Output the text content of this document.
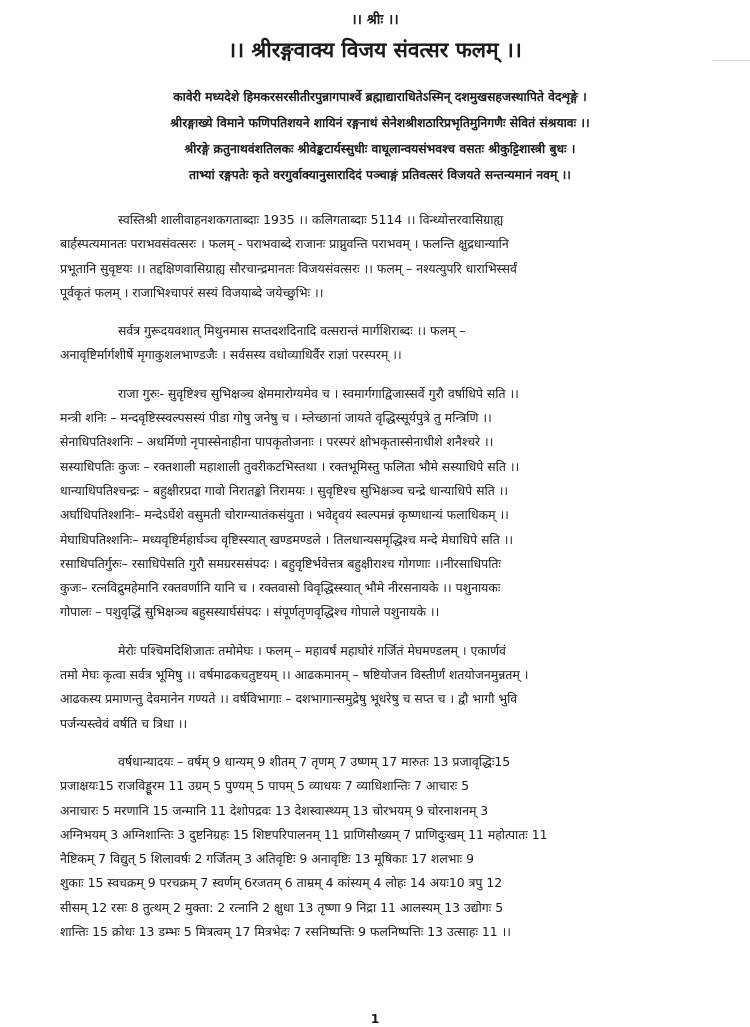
।। श्रीः ।।
।। श्रीरङ्गवाक्य विजय संवत्सर फलम् ।।
कावेरी मध्यदेशे हिमकरसरसीतीरपुन्नागपार्श्वे ब्रह्माद्याराधितेऽस्मिन् दशमुखसहजस्थापिते वेदशृङ्गे ।
श्रीरङ्गाख्ये विमाने फणिपतिशयने शायिनं रङ्गनाथं सेनेशश्रीशठारिप्रभृतिमुनिगणैः सेवितं संश्रयावः ।।
श्रीरङ्गे क्रतुनाथवंशतिलकः श्रीवेङ्कटार्यस्सुधीः वाधूलान्वयसंभवश्च वसतः श्रीकुट्टिशास्त्री बुधः ।
ताभ्यां रङ्गपतेः कृते वरगुर्वाक्यानुसारादिदं पञ्चाङ्गं प्रतिवत्सरं विजयते सन्तन्यमानं नवम् ।।
स्वस्तिश्री शालीवाहनशकगताब्दाः 1935 ।। कलिगताब्दाः 5114 ।। विन्ध्योत्तरवासिग्राह्य
बार्हस्पत्यमानतः पराभवसंवत्सरः । फलम् - पराभवाब्दे राजानः प्राप्नुवन्ति पराभवम् । फलन्ति क्षुद्रधान्यानि
प्रभूतानि सुवृष्टयः ।। तद्दक्षिणवासिग्राह्य सौरचान्द्रमानतः विजयसंवत्सरः ।। फलम् – नश्यत्युपरि धाराभिस्सर्वं
पूर्वकृतं फलम् । राजाभिश्चापरं सस्यं विजयाब्दे जयेच्छुभिः ।।
सर्वत्र गुरूदयवशात् मिथुनमास सप्तदशदिनादि वत्सरान्तं मार्गशिराब्दः ।। फलम् –
अनावृष्टिर्मार्गशीर्षे मृगाकुशलभाण्डजैः । सर्वसस्य वधोव्याधिर्वैर राज्ञां परस्परम् ।।
राजा गुरुः- सुवृष्टिश्च सुभिक्षञ्च क्षेममारोग्यमेव च । स्वमार्गगाद्विजास्सर्वे गुरौ वर्षाधिपे सति ।।
मन्त्री शनिः – मन्दवृष्टिस्स्वल्पसस्यं पीडा गोषु जनेषु च । म्लेच्छानां जायते वृद्धिस्सूर्यपुत्रे तु मन्त्रिणि ।।
सेनाधिपतिश्शनिः – अधर्मिणो नृपास्सेनाहीना पापकृतोजनाः । परस्परं क्षोभकृतास्सेनाधीशे शनैश्चरे ।।
सस्याधिपतिः कुजः – रक्तशाली महाशाली तुवरीकटभिस्तथा । रक्तभूमिस्तु फलिता भौमे सस्याधिपे सति ।।
धान्याधिपतिश्चन्द्रः – बहुक्षीरप्रदा गावो निरातङ्को निरामयः । सुवृष्टिश्च सुभिक्षञ्च चन्द्रे धान्याधिपे सति ।।
अर्घाधिपतिश्शनिः– मन्देऽर्घेशे वसुमती चोराग्न्यातंकसंयुता । भवेद्द्वयं स्वल्पमन्नं कृष्णधान्यं फलाधिकम् ।।
मेघाधिपतिश्शनिः– मध्यवृष्टिर्महार्घञ्च वृष्टिस्स्यात् खण्डमण्डले । तिलधान्यसमृद्धिश्च मन्दे मेघाधिपे सति ।।
रसाधिपतिर्गुरुः– रसाधिपेसति गुरौ समग्ररससंपदः । बहुवृष्टिर्भवेत्तत्र बहुक्षीराश्च गोगणाः ।।नीरसाधिपतिः
कुजः– रत्नविद्रुमहेमानि रक्तवर्णानि यानि च । रक्तवासो विवृद्धिस्स्यात् भौमे नीरसनायके ।। पशुनायकः
गोपालः – पशुवृद्धिं सुभिक्षञ्च बहुसस्यार्घसंपदः । संपूर्णतृणवृद्धिश्च गोपाले पशुनायके ।।
मेरोः पश्चिमदिशिजातः तमोमेघः । फलम् – महावर्षं महाघोरं गर्जितं मेघमण्डलम् । एकार्णवं
तमो मेघः कृत्वा सर्वत्र भूमिषु ।। वर्षमाढकचतुष्टयम् ।। आढकमानम् – षष्टियोजन विस्तीर्णं शतयोजनमुन्नतम् ।
आढकस्य प्रमाणन्तु देवमानेन गण्यते ।। वर्षविभागाः – दशभागान्समुद्रेषु भूधरेषु च सप्त च । द्वौ भागौ भुवि
पर्जन्यस्त्वेवं वर्षति च त्रिधा ।।
वर्षधान्यादयः – वर्षम् 9 धान्यम् 9 शीतम् 7 तृणम् 7 उष्णम् 17 मारुतः 13 प्रजावृद्धिः15
प्रजाक्षयः15 राजविड्डूरम 11 उग्रम् 5 पुण्यम् 5 पापम् 5 व्याधयः 7 व्याधिशान्तिः 7 आचारः 5
अनाचारः 5 मरणानि 15 जन्मानि 11 देशोपद्रवः 13 देशस्वास्थ्यम् 13 चोरभयम् 9 चोरनाशनम् 3
अग्निभयम् 3 अग्निशान्तिः 3 दुष्टनिग्रहः 15 शिष्टपरिपालनम् 11 प्राणिसौख्यम् 7 प्राणिदुःखम् 11 महोत्पातः 11
नैष्टिकम् 7 विद्युत् 5 शिलावर्षः 2 गर्जितम् 3 अतिवृष्टिः 9 अनावृष्टिः 13 मूषिकाः 17 शलभाः 9
शुकाः 15 स्वचक्रम् 9 परचक्रम् 7 स्वर्णम् 6रजतम् 6 ताम्रम् 4 कांस्यम् 4 लोहः 14 अयः10 त्रपु 12
सीसम् 12 रसः 8 तुत्थम् 2 मुक्ता: 2 रत्नानि 2 क्षुधा 13 तृष्णा 9 निद्रा 11 आलस्यम् 13 उद्योगः 5
शान्तिः 15 क्रोधः 13 डम्भः 5 मित्रत्वम् 17 मित्रभेदः 7 रसनिष्पत्तिः 9 फलनिष्पत्तिः 13 उत्साहः 11 ।।
1
